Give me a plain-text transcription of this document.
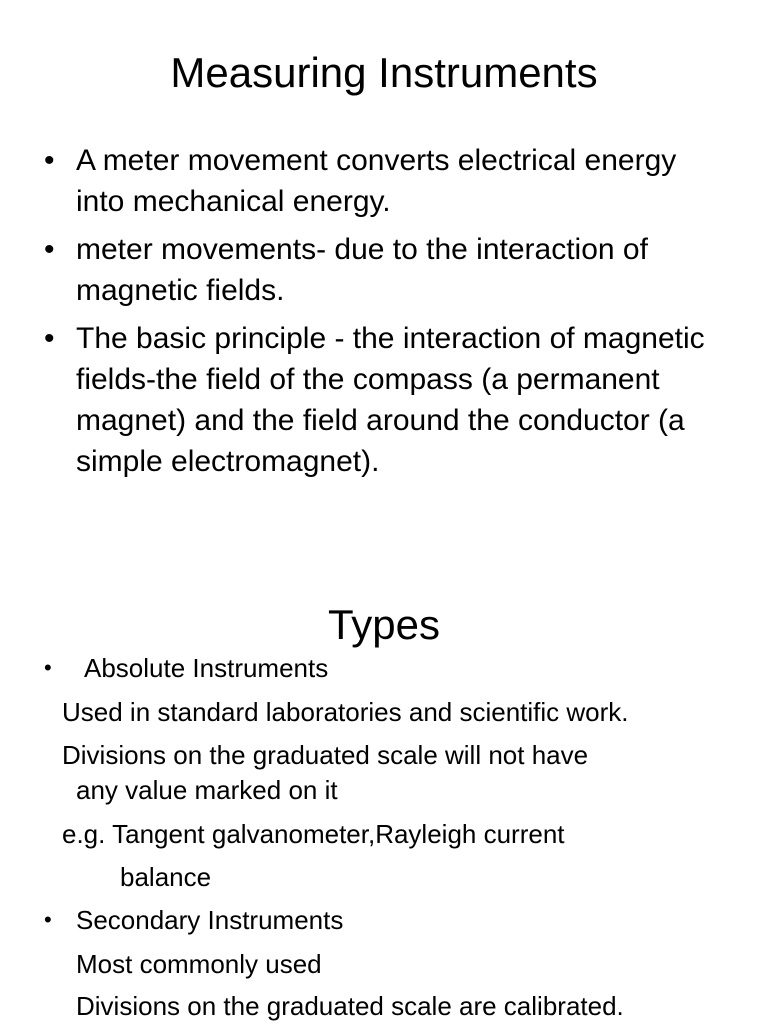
Measuring Instruments
• A meter movement converts electrical energy into mechanical energy.
• meter movements- due to the interaction of magnetic fields.
• The basic principle - the interaction of magnetic fields-the field of the compass (a permanent magnet) and the field around the conductor (a simple electromagnet).
Types
• Absolute Instruments
Used in standard laboratories and scientific work.
Divisions on the graduated scale will not have
any value marked on it
e.g. Tangent galvanometer,Rayleigh current
balance
• Secondary Instruments
Most commonly used
Divisions on the graduated scale are calibrated.
